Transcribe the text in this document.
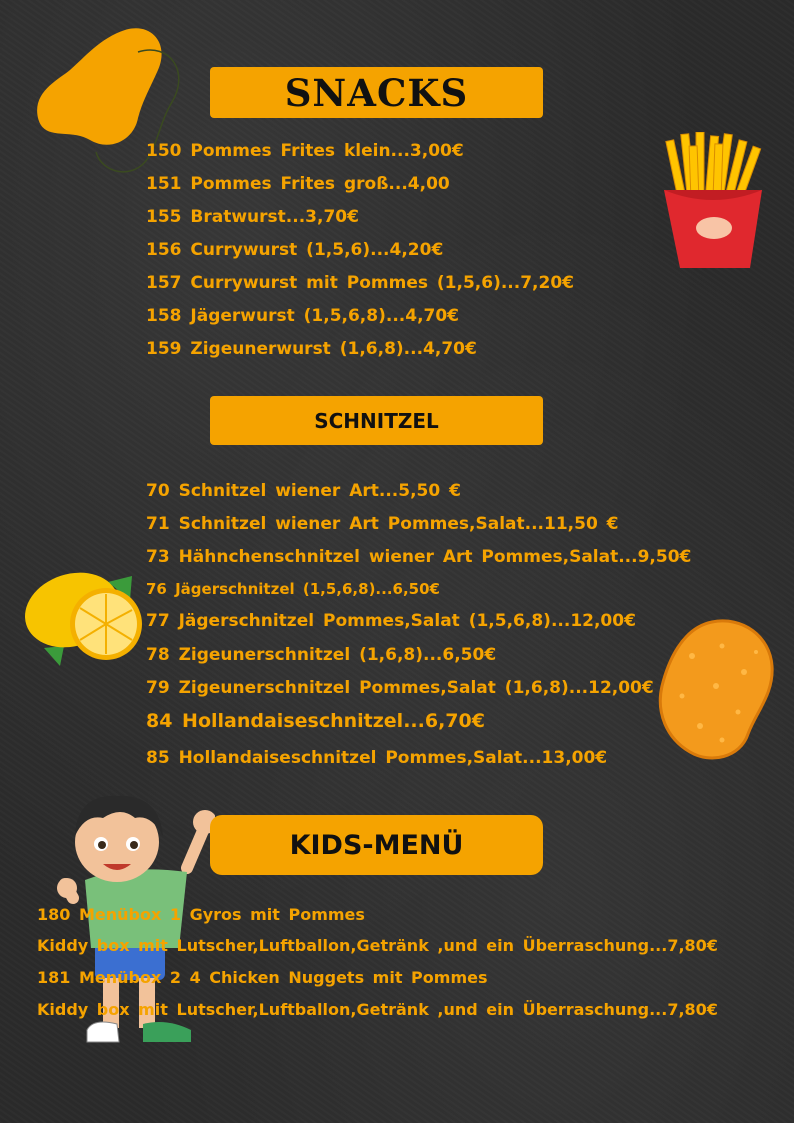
SNACKS
SCHNITZEL
KIDS-MENÜ
150 Pommes Frites klein...3,00€
151 Pommes Frites groß...4,00
155 Bratwurst...3,70€
156 Currywurst (1,5,6)...4,20€
157 Currywurst mit Pommes (1,5,6)...7,20€
158 Jägerwurst (1,5,6,8)...4,70€
159 Zigeunerwurst (1,6,8)...4,70€
70 Schnitzel wiener Art...5,50 €
71 Schnitzel wiener Art Pommes,Salat...11,50 €
73 Hähnchenschnitzel wiener Art Pommes,Salat...9,50€
76 Jägerschnitzel (1,5,6,8)...6,50€
77 Jägerschnitzel Pommes,Salat (1,5,6,8)...12,00€
78 Zigeunerschnitzel (1,6,8)...6,50€
79 Zigeunerschnitzel Pommes,Salat (1,6,8)...12,00€
84 Hollandaiseschnitzel...6,70€
85 Hollandaiseschnitzel Pommes,Salat...13,00€
180 Menübox 1 Gyros mit Pommes
Kiddy box mit Lutscher,Luftballon,Getränk ,und ein Überraschung...7,80€
181 Menübox 2 4 Chicken Nuggets mit Pommes
Kiddy box mit Lutscher,Luftballon,Getränk ,und ein Überraschung...7,80€
